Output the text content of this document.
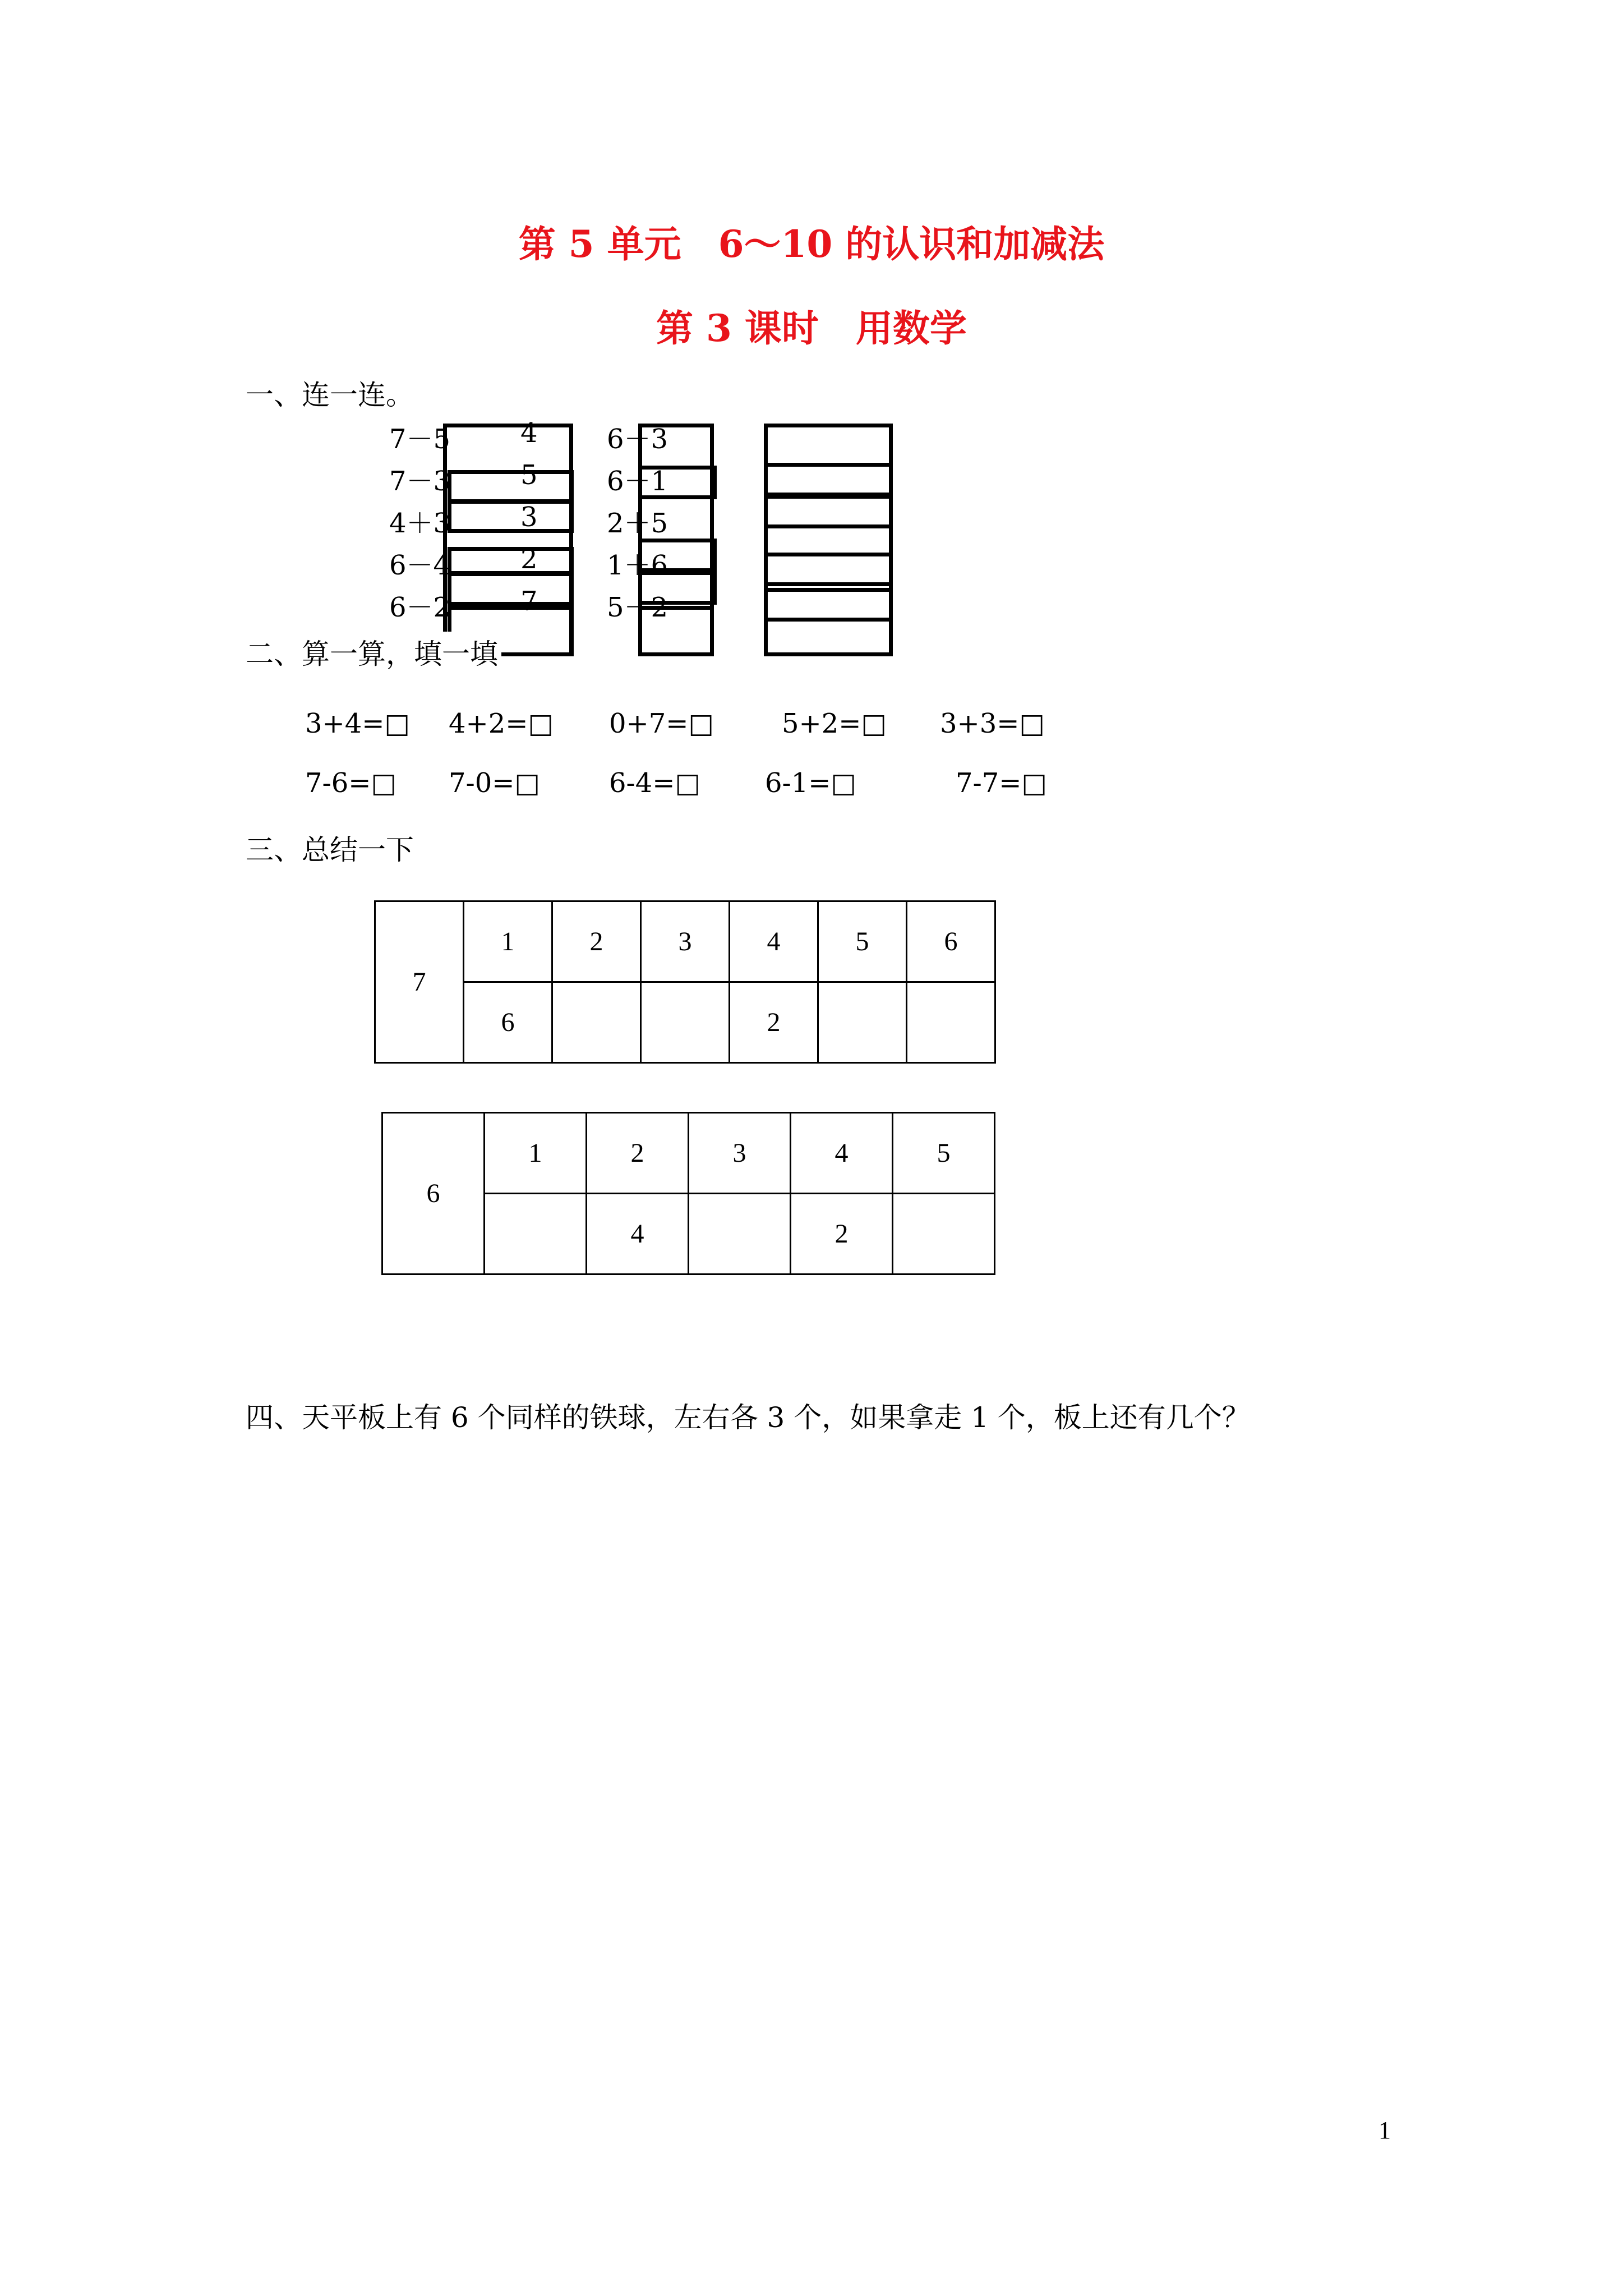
第 5 单元　6～10 的认识和加减法
第 3 课时　用数学
一、连一连。
7－5
7－3
4＋3
6－4
6－2
4
5
3
2
7
6－3
6－1
2＋5
1＋6
5－2
二、算一算，填一填
3+4=□ 4+2=□ 0+7=□	5+2=□ 3+3=□
7-6=□ 7-0=□	6-4=□ 6-1=□	7-7=□
三、总结一下
7	1	2	3	4	5	6
	6			2		
6	1	2	3	4	5
		4		2	
四、天平板上有 6 个同样的铁球，左右各 3 个，如果拿走 1 个，板上还有几个？
1
